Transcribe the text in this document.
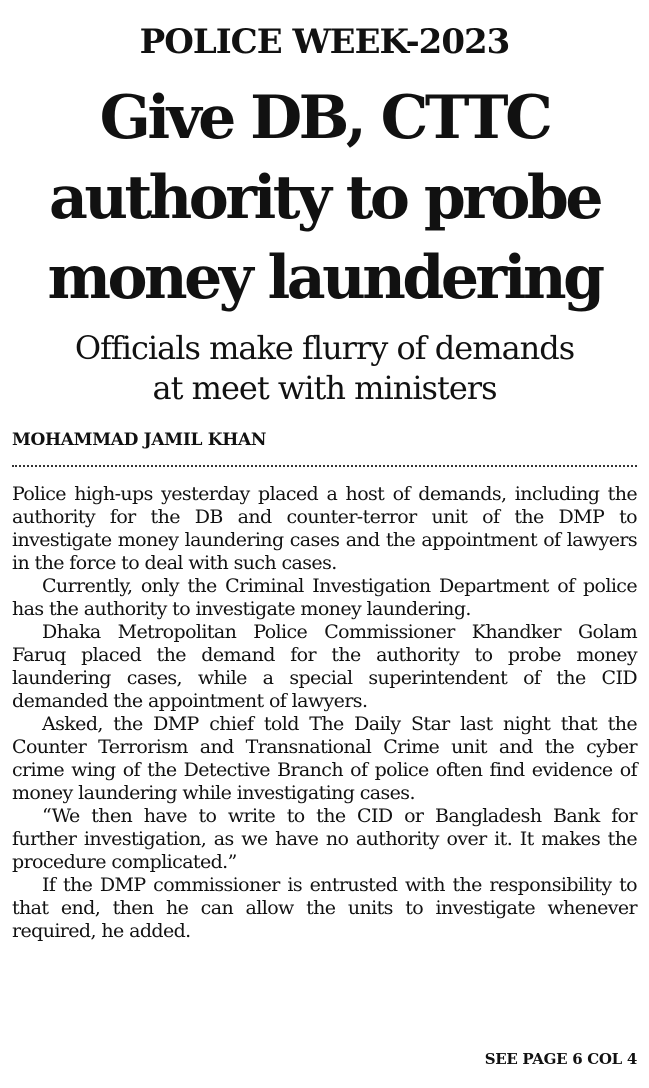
POLICE WEEK-2023
Give DB, CTTC
authority to probe
money laundering
Officials make flurry of demands
at meet with ministers
MOHAMMAD JAMIL KHAN

Police high-ups yesterday placed a host of demands, including the authority for the DB and counter-terror unit of the DMP to investigate money laundering cases and the appointment of lawyers in the force to deal with such cases.

Currently, only the Criminal Investigation Department of police has the authority to investigate money laundering.

Dhaka Metropolitan Police Commissioner Khandker Golam Faruq placed the demand for the authority to probe money laundering cases, while a special superintendent of the CID demanded the appointment of lawyers.

Asked, the DMP chief told The Daily Star last night that the Counter Terrorism and Transnational Crime unit and the cyber crime wing of the Detective Branch of police often find evidence of money laundering while investigating cases.

“We then have to write to the CID or Bangladesh Bank for further investigation, as we have no authority over it. It makes the procedure complicated.”

If the DMP commissioner is entrusted with the responsibility to that end, then he can allow the units to investigate whenever required, he added.

SEE PAGE 6 COL 4
